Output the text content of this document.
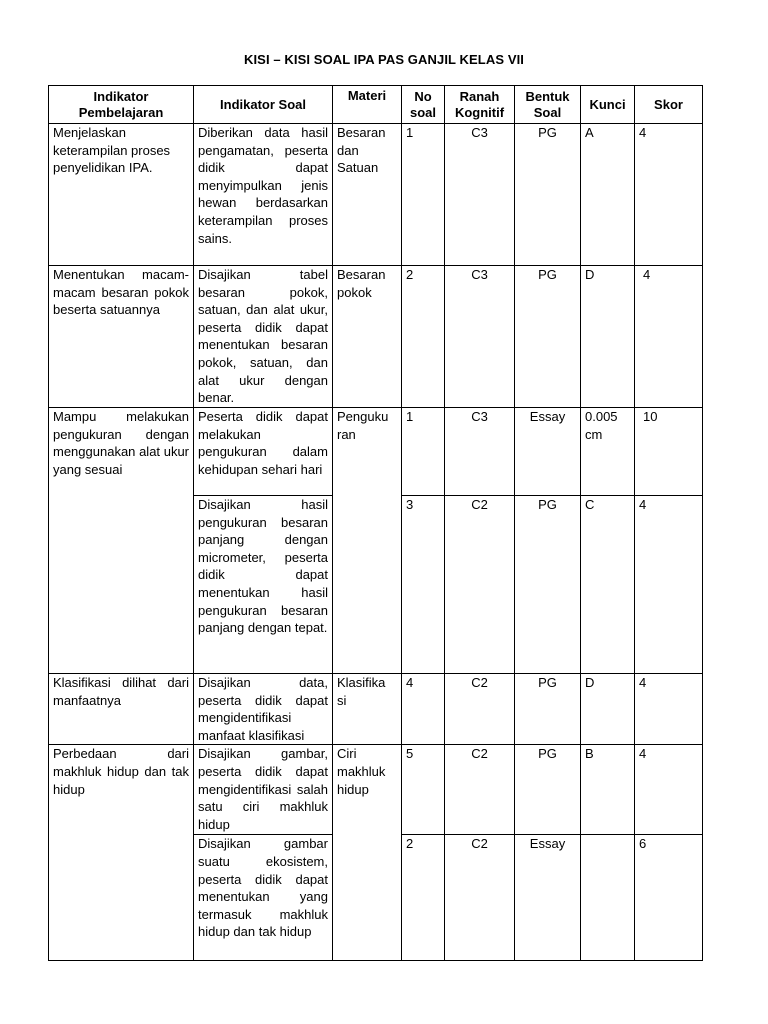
KISI – KISI SOAL IPA PAS GANJIL KELAS VII
Indikator Pembelajaran	Indikator Soal	Materi	No soal	Ranah Kognitif	Bentuk Soal	Kunci	Skor
Menjelaskan keterampilan proses penyelidikan IPA.	Diberikan data hasil pengamatan, peserta didik dapat menyimpulkan jenis hewan berdasarkan keterampilan proses sains.	Besaran dan Satuan	1	C3	PG	A	4
Menentukan macam-macam besaran pokok beserta satuannya	Disajikan tabel besaran pokok, satuan, dan alat ukur, peserta didik dapat menentukan besaran pokok, satuan, dan alat ukur dengan benar.	Besaran pokok	2	C3	PG	D	4
Mampu melakukan pengukuran dengan menggunakan alat ukur yang sesuai	Peserta didik dapat melakukan pengukuran dalam kehidupan sehari hari	Penguku ran	1	C3	Essay	0.005 cm	10
	Disajikan hasil pengukuran besaran panjang dengan micrometer, peserta didik dapat menentukan hasil pengukuran besaran panjang dengan tepat.		3	C2	PG	C	4
Klasifikasi dilihat dari manfaatnya	Disajikan data, peserta didik dapat mengidentifikasi manfaat klasifikasi	Klasifika si	4	C2	PG	D	4
Perbedaan dari makhluk hidup dan tak hidup	Disajikan gambar, peserta didik dapat mengidentifikasi salah satu ciri makhluk hidup	Ciri makhluk hidup	5	C2	PG	B	4
	Disajikan gambar suatu ekosistem, peserta didik dapat menentukan yang termasuk makhluk hidup dan tak hidup		2	C2	Essay		6
